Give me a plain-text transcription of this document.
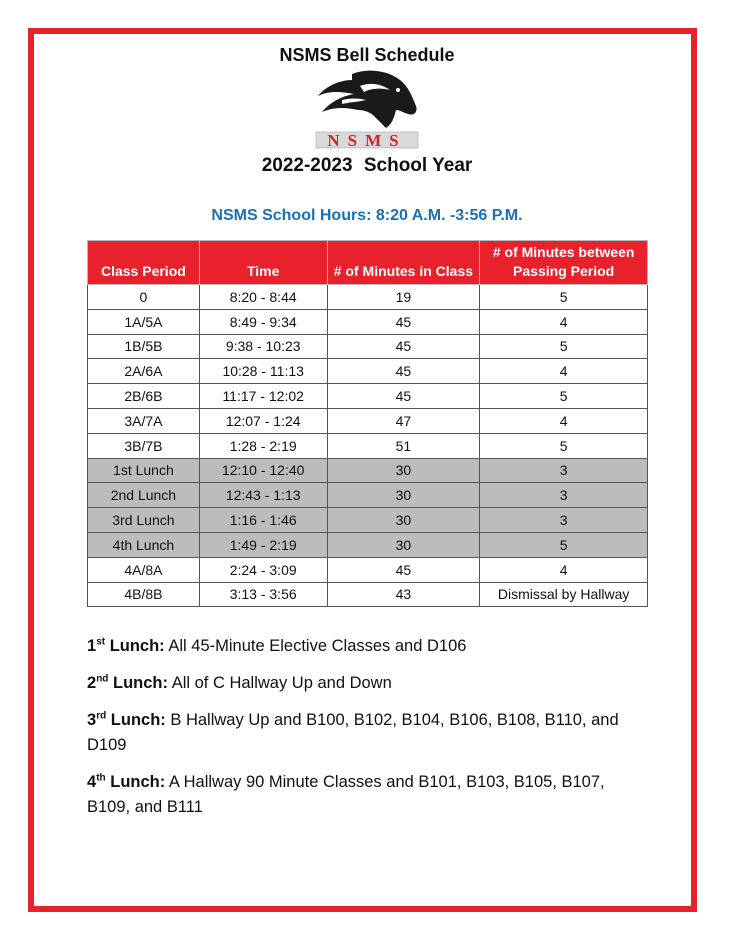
NSMS Bell Schedule
NSMS
2022-2023 School Year
NSMS School Hours: 8:20 A.M. -3:56 P.M.
Class Period	Time	# of Minutes in Class	# of Minutes between Passing Period
0	8:20 - 8:44	19	5
1A/5A	8:49 - 9:34	45	4
1B/5B	9:38 - 10:23	45	5
2A/6A	10:28 - 11:13	45	4
2B/6B	11:17 - 12:02	45	5
3A/7A	12:07 - 1:24	47	4
3B/7B	1:28 - 2:19	51	5
1st Lunch	12:10 - 12:40	30	3
2nd Lunch	12:43 - 1:13	30	3
3rd Lunch	1:16 - 1:46	30	3
4th Lunch	1:49 - 2:19	30	5
4A/8A	2:24 - 3:09	45	4
4B/8B	3:13 - 3:56	43	Dismissal by Hallway

1st Lunch: All 45-Minute Elective Classes and D106

2nd Lunch: All of C Hallway Up and Down

3rd Lunch: B Hallway Up and B100, B102, B104, B106, B108, B110, and D109

4th Lunch: A Hallway 90 Minute Classes and B101, B103, B105, B107, B109, and B111
